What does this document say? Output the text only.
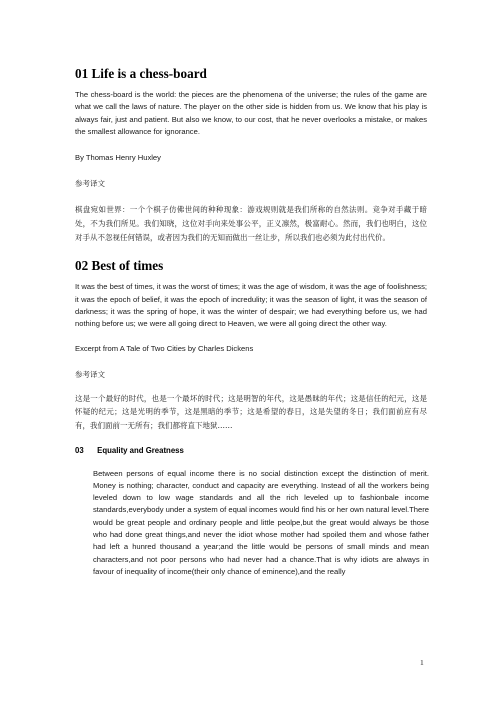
01 Life is a chess-board

The chess-board is the world: the pieces are the phenomena of the universe; the rules of the game are what we call the laws of nature. The player on the other side is hidden from us. We know that his play is always fair, just and patient. But also we know, to our cost, that he never overlooks a mistake, or makes the smallest allowance for ignorance.

By Thomas Henry Huxley

参考译文

棋盘宛如世界：一个个棋子仿佛世间的种种现象：游戏规则就是我们所称的自然法则。竞争对手藏于暗处，不为我们所见。我们知晓，这位对手向来处事公平，正义凛然，极富耐心。然而，我们也明白，这位对手从不忽视任何错误，或者因为我们的无知而做出一丝让步，所以我们也必须为此付出代价。

02 Best of times

It was the best of times, it was the worst of times; it was the age of wisdom, it was the age of foolishness; it was the epoch of belief, it was the epoch of incredulity; it was the season of light, it was the season of darkness; it was the spring of hope, it was the winter of despair; we had everything before us, we had nothing before us; we were all going direct to Heaven, we were all going direct the other way.

Excerpt from A Tale of Two Cities by Charles Dickens

参考译文

这是一个最好的时代，也是一个最坏的时代；这是明智的年代，这是愚昧的年代；这是信任的纪元，这是怀疑的纪元；这是光明的季节，这是黑暗的季节；这是希望的春日，这是失望的冬日；我们面前应有尽有，我们面前一无所有；我们都将直下地狱……

03 Equality and Greatness

Between persons of equal income there is no social distinction except the distinction of merit. Money is nothing; character, conduct and capacity are everything. Instead of all the workers being leveled down to low wage standards and all the rich leveled up to fashionbale income standards,everybody under a system of equal incomes would find his or her own natural level.There would be great people and ordinary people and little peolpe,but the great would always be those who had done great things,and never the idiot whose mother had spoiled them and whose father had left a hunred thousand a year;and the little would be persons of small minds and mean characters,and not poor persons who had never had a chance.That is why idiots are always in favour of inequality of income(their only chance of eminence),and the really

1
